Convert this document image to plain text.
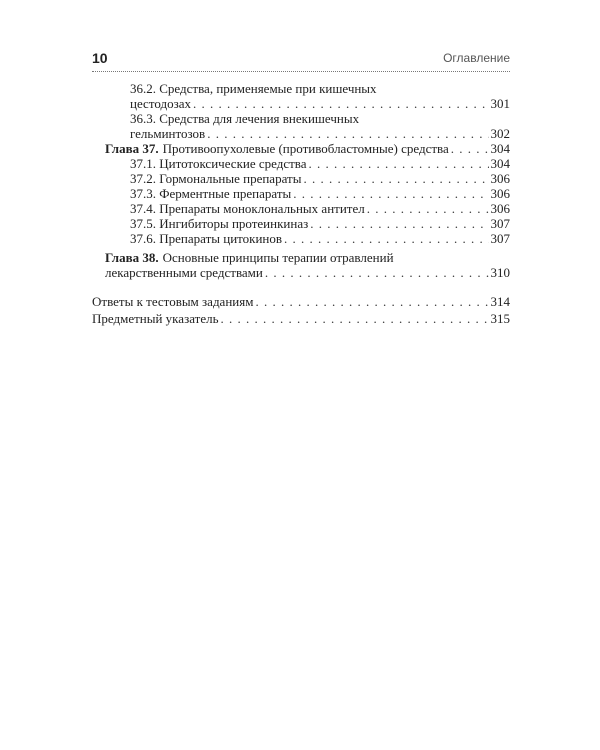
10	Оглавление
36.2. Средства, применяемые при кишечных
цестодозах . . .	301
36.3. Средства для лечения внекишечных
гельминтозов . . .	302
Глава 37. Противоопухолевые (противобластомные) средства . . .	304
37.1. Цитотоксические средства . . .	304
37.2. Гормональные препараты . . .	306
37.3. Ферментные препараты . . .	306
37.4. Препараты моноклональных антител . . .	306
37.5. Ингибиторы протеинкиназ . . .	307
37.6. Препараты цитокинов . . .	307
Глава 38. Основные принципы терапии отравлений
лекарственными средствами . . .	310
Ответы к тестовым заданиям . . .	314
Предметный указатель . . .	315
